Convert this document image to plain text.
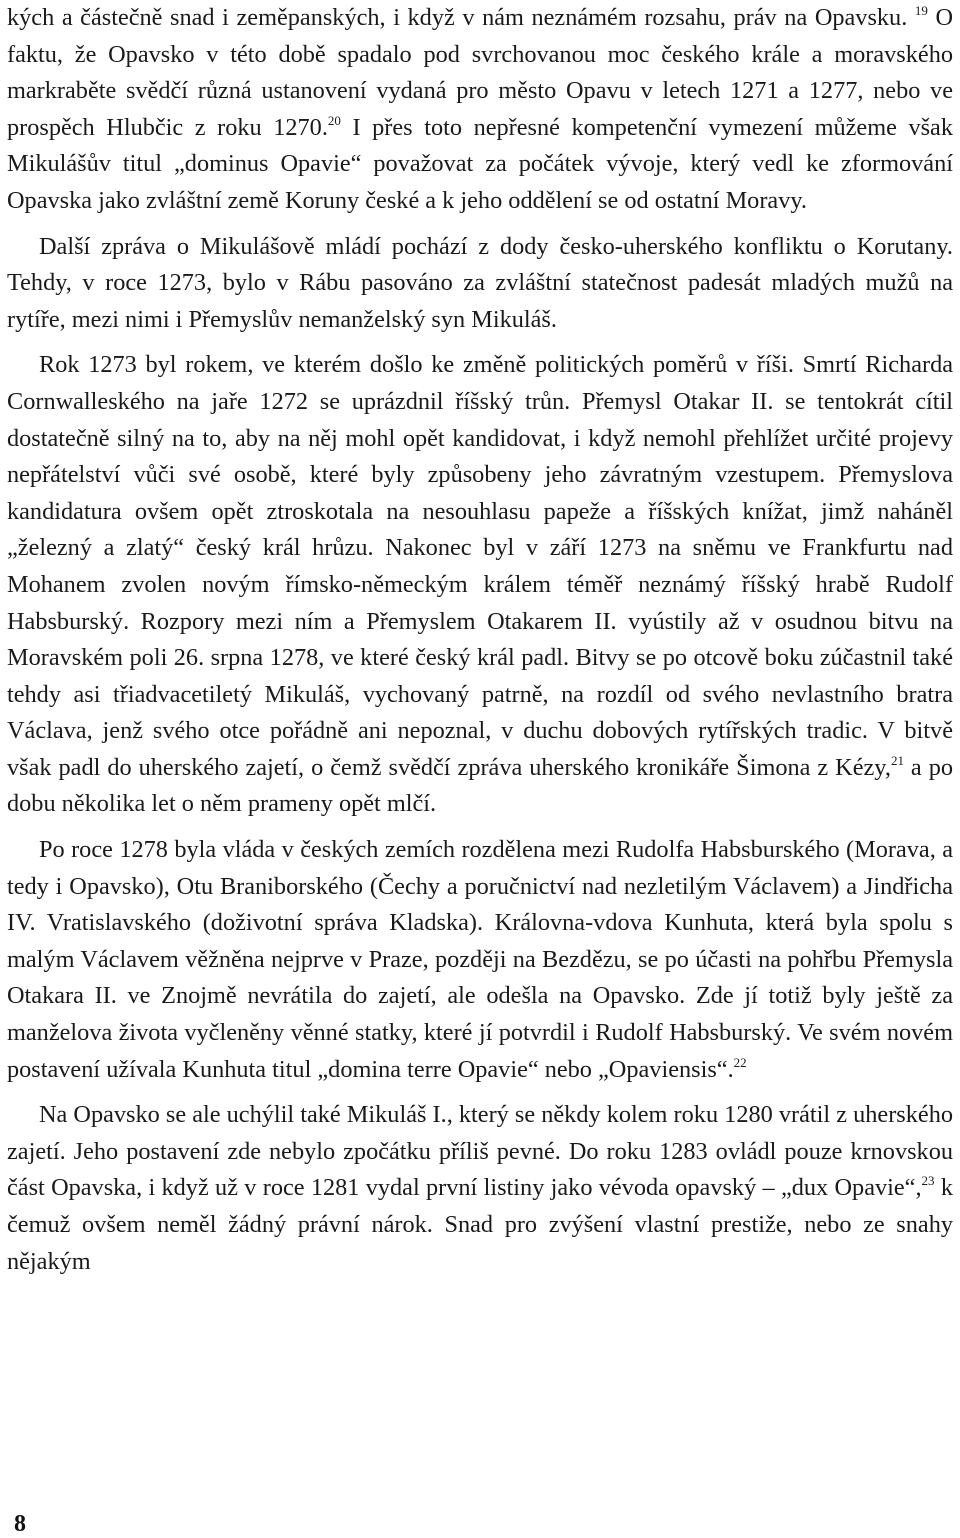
kých a částečně snad i zeměpanských, i když v nám neznámém rozsahu, práv na Opavsku. $^{19}$ O faktu, že Opavsko v této době spadalo pod svrchovanou moc českého krále a moravského markraběte svědčí různá ustanovení vydaná pro město Opavu v letech 1271 a 1277, nebo ve prospěch Hlubčic z roku 1270.20 I přes toto nepřesné kompetenční vymezení můžeme však Mikulášův titul „dominus Opavie“ považovat za počátek vývoje, který vedl ke zformování Opavska jako zvláštní země Koruny české a k jeho oddělení se od ostatní Moravy.

Další zpráva o Mikulášově mládí pochází z dody česko-uherského konfliktu o Korutany. Tehdy, v roce 1273, bylo v Rábu pasováno za zvláštní statečnost padesát mladých mužů na rytíře, mezi nimi i Přemyslův nemanželský syn Mikuláš.

Rok 1273 byl rokem, ve kterém došlo ke změně politických poměrů v říši. Smrtí Richarda Cornwalleského na jaře 1272 se uprázdnil říšský trůn. Přemysl Otakar II. se tentokrát cítil dostatečně silný na to, aby na něj mohl opět kandidovat, i když nemohl přehlížet určité projevy nepřátelství vůči své osobě, které byly způsobeny jeho závratným vzestupem. Přemyslova kandidatura ovšem opět ztroskotala na nesouhlasu papeže a říšských knížat, jimž naháněl „železný a zlatý“ český král hrůzu. Nakonec byl v září 1273 na sněmu ve Frankfurtu nad Mohanem zvolen novým římsko-německým králem téměř neznámý říšský hrabě Rudolf Habsburský. Rozpory mezi ním a Přemyslem Otakarem II. vyústily až v osudnou bitvu na Moravském poli 26. srpna 1278, ve které český král padl. Bitvy se po otcově boku zúčastnil také tehdy asi třiadvacetiletý Mikuláš, vychovaný patrně, na rozdíl od svého nevlastního bratra Václava, jenž svého otce pořádně ani nepoznal, v duchu dobových rytířských tradic. V bitvě však padl do uherského zajetí, o čemž svědčí zpráva uherského kronikáře Šimona z Kézy,$^{21}$ a po dobu několika let o něm prameny opět mlčí.

Po roce 1278 byla vláda v českých zemích rozdělena mezi Rudolfa Habsburského (Morava, a tedy i Opavsko), Otu Braniborského (Čechy a poručnictví nad nezletilým Václavem) a Jindřicha IV. Vratislavského (doživotní správa Kladska). Královna-vdova Kunhuta, která byla spolu s malým Václavem věžněna nejprve v Praze, později na Bezdězu, se po účasti na pohřbu Přemysla Otakara II. ve Znojmě nevrátila do zajetí, ale odešla na Opavsko. Zde jí totiž byly ještě za manželova života vyčleněny věnné statky, které jí potvrdil i Rudolf Habsburský. Ve svém novém postavení užívala Kunhuta titul „domina terre Opavie“ nebo „Opaviensis“.$^{22}$

Na Opavsko se ale uchýlil také Mikuláš I., který se někdy kolem roku 1280 vrátil z uherského zajetí. Jeho postavení zde nebylo zpočátku příliš pevné. Do roku 1283 ovládl pouze krnovskou část Opavska, i když už v roce 1281 vydal první listiny jako vévoda opavský – „dux Opavie“,$^{23}$ k čemuž ovšem neměl žádný právní nárok. Snad pro zvýšení vlastní prestiže, nebo ze snahy nějakým

8
